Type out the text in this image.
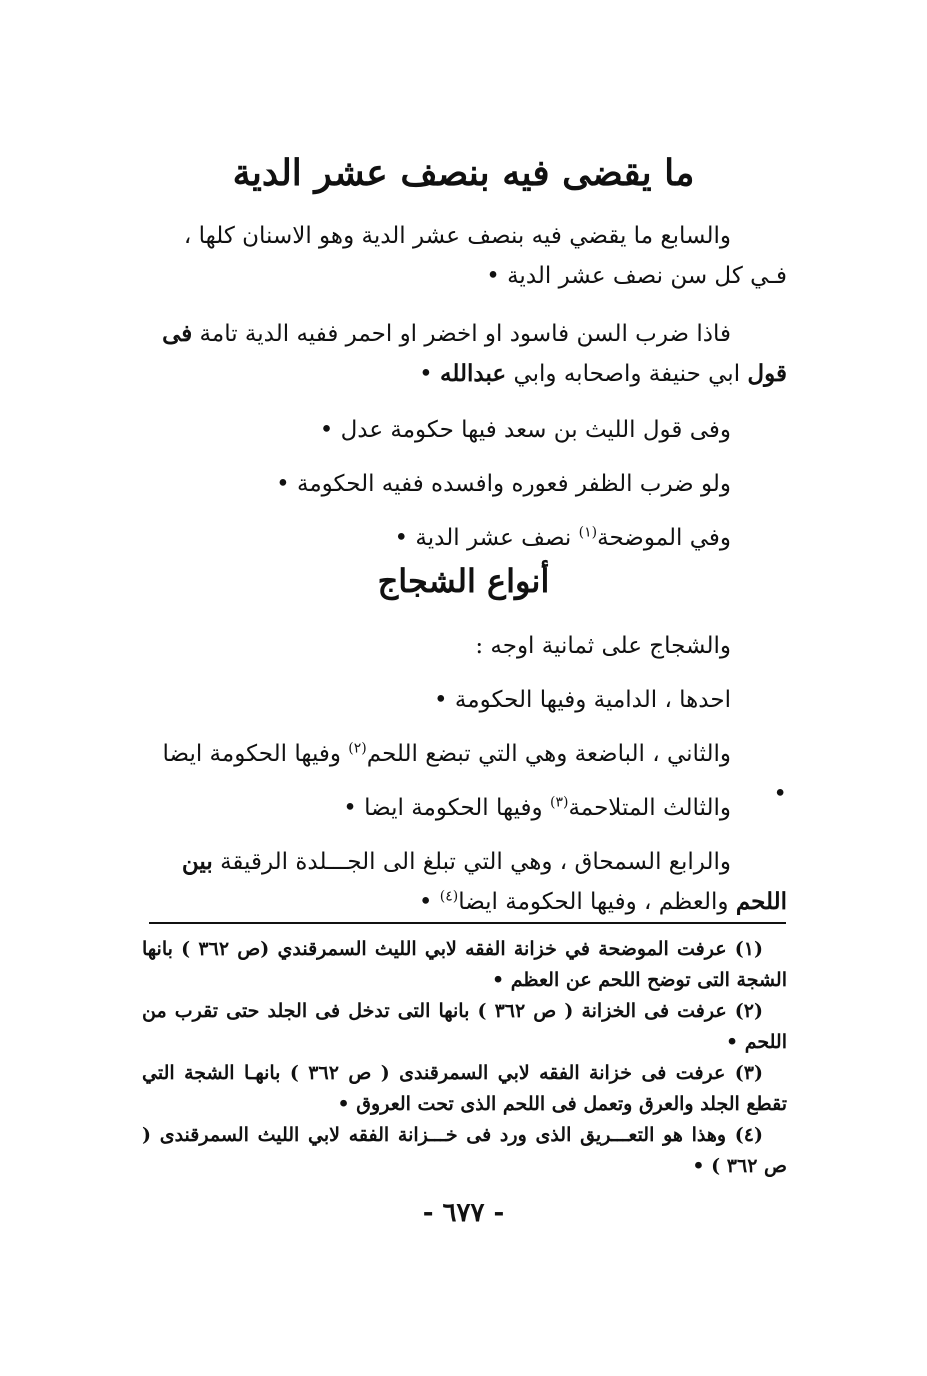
ما يقضى فيه بنصف عشر الدية
والسابع ما يقضي فيه بنصف عشر الدية وهو الاسنان كلها ، فـي كل سن نصف عشر الدية •
فاذا ضرب السن فاسود او اخضر او احمر ففيه الدية تامة فى قول ابي حنيفة واصحابه وابي عبدالله •
وفى قول الليث بن سعد فيها حكومة عدل •
ولو ضرب الظفر فعوره وافسده ففيه الحكومة •
وفي الموضحة$^{(١)}$ نصف عشر الدية •
أنواع الشجاج
والشجاج على ثمانية اوجه :
احدها ، الدامية وفيها الحكومة •
والثاني ، الباضعة وهي التي تبضع اللحم$^{(٢)}$ وفيها الحكومة ايضا •
والثالث المتلاحمة$^{(٣)}$ وفيها الحكومة ايضا •
والرابع السمحاق ، وهي التي تبلغ الى الجـــلدة الرقيقة بين اللحم والعظم ، وفيها الحكومة ايضا$^{(٤)}$ •

(١) عرفت الموضحة في خزانة الفقه لابي الليث السمرقندي (ص ٣٦٢ ) بانها الشجة التى توضح اللحم عن العظم •

(٢) عرفت فى الخزانة ( ص ٣٦٢ ) بانها التى تدخل فى الجلد حتى تقرب من اللحم •

(٣) عرفت فى خزانة الفقه لابي السمرقندى ( ص ٣٦٢ ) بانهـا الشجة التي تقطع الجلد والعرق وتعمل فى اللحم الذى تحت العروق •

(٤) وهذا هو التعـــريق الذى ورد فى خـــزانة الفقه لابي الليث السمرقندى ( ص ٣٦٢ ) •

- ٦٧٧ -
